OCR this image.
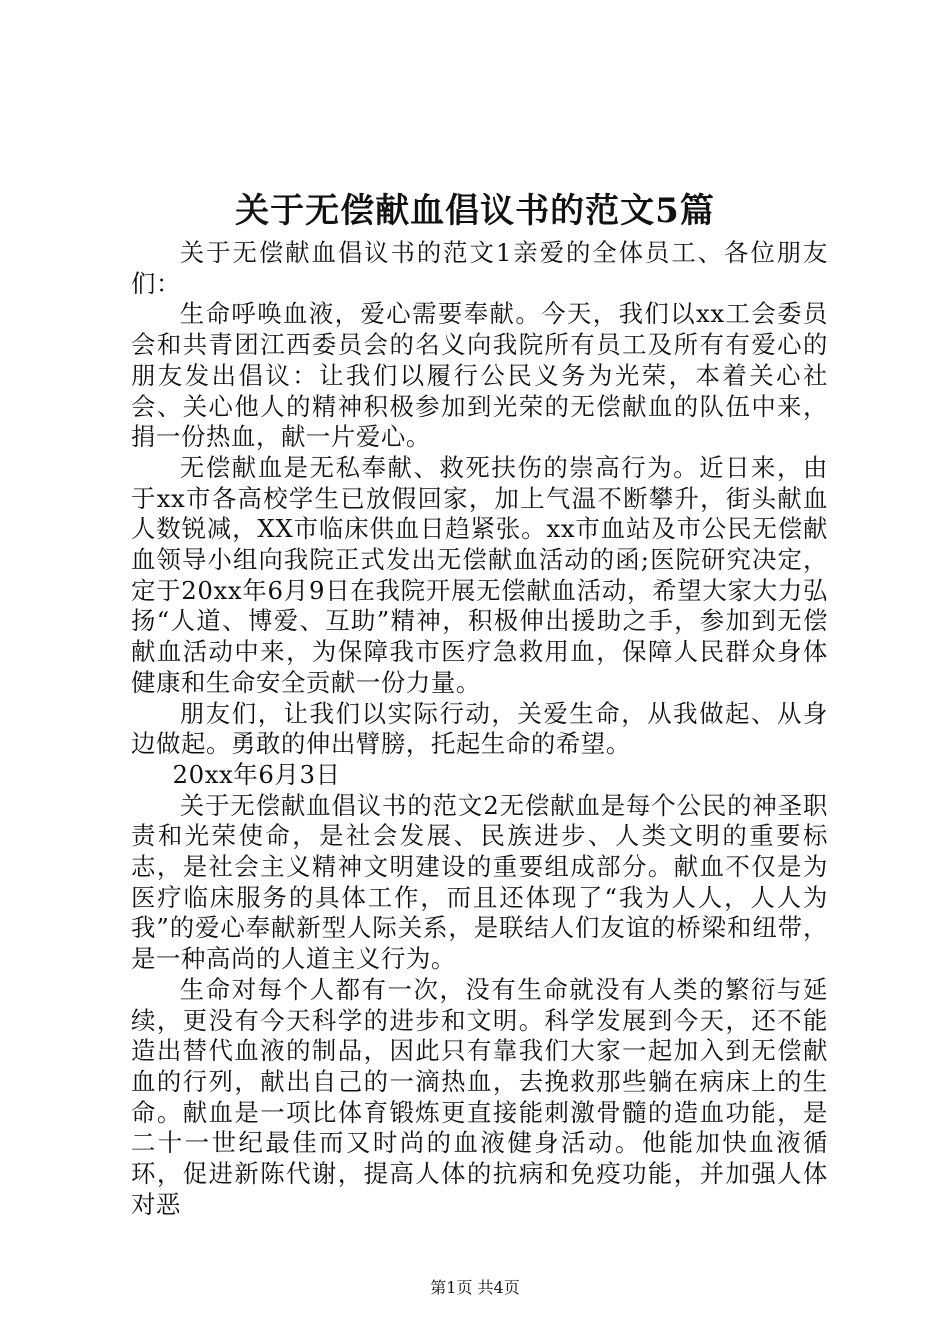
关于无偿献血倡议书的范文5篇

关于无偿献血倡议书的范文1亲爱的全体员工、各位朋友们：

生命呼唤血液，爱心需要奉献。今天，我们以xx工会委员会和共青团江西委员会的名义向我院所有员工及所有有爱心的朋友发出倡议：让我们以履行公民义务为光荣，本着关心社会、关心他人的精神积极参加到光荣的无偿献血的队伍中来，捐一份热血，献一片爱心。

无偿献血是无私奉献、救死扶伤的崇高行为。近日来，由于xx市各高校学生已放假回家，加上气温不断攀升，街头献血人数锐减，XX市临床供血日趋紧张。xx市血站及市公民无偿献血领导小组向我院正式发出无偿献血活动的函;医院研究决定，定于20xx年6月9日在我院开展无偿献血活动，希望大家大力弘扬“人道、博爱、互助”精神，积极伸出援助之手，参加到无偿献血活动中来，为保障我市医疗急救用血，保障人民群众身体健康和生命安全贡献一份力量。

朋友们，让我们以实际行动，关爱生命，从我做起、从身边做起。勇敢的伸出臂膀，托起生命的希望。

20xx年6月3日

关于无偿献血倡议书的范文2无偿献血是每个公民的神圣职责和光荣使命，是社会发展、民族进步、人类文明的重要标志，是社会主义精神文明建设的重要组成部分。献血不仅是为医疗临床服务的具体工作，而且还体现了“我为人人，人人为我”的爱心奉献新型人际关系，是联结人们友谊的桥梁和纽带，是一种高尚的人道主义行为。

生命对每个人都有一次，没有生命就没有人类的繁衍与延续，更没有今天科学的进步和文明。科学发展到今天，还不能造出替代血液的制品，因此只有靠我们大家一起加入到无偿献血的行列，献出自己的一滴热血，去挽救那些躺在病床上的生命。献血是一项比体育锻炼更直接能刺激骨髓的造血功能，是二十一世纪最佳而又时尚的血液健身活动。他能加快血液循环，促进新陈代谢，提高人体的抗病和免疫功能，并加强人体对恶

第1页 共4页
